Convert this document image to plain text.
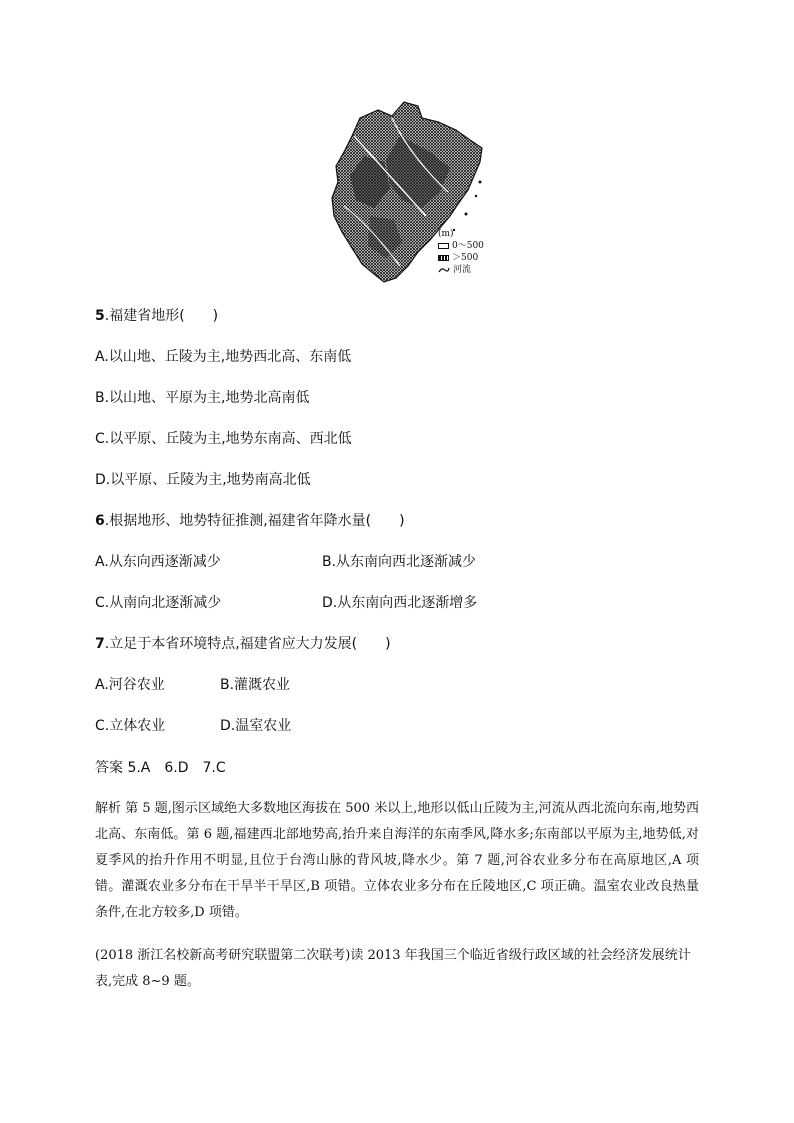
(m)
0～500
＞500
河流
5.福建省地形(　　)
A.以山地、丘陵为主,地势西北高、东南低
B.以山地、平原为主,地势北高南低
C.以平原、丘陵为主,地势东南高、西北低
D.以平原、丘陵为主,地势南高北低
6.根据地形、地势特征推测,福建省年降水量(　　)
A.从东向西逐渐减少	B.从东南向西北逐渐减少
C.从南向北逐渐减少	D.从东南向西北逐渐增多
7.立足于本省环境特点,福建省应大力发展(　　)
A.河谷农业	B.灌溉农业
C.立体农业	D.温室农业
答案 5.A　6.D　7.C
解析 第 5 题,图示区域绝大多数地区海拔在 500 米以上,地形以低山丘陵为主,河流从西北流向东南,地势西北高、东南低。第 6 题,福建西北部地势高,抬升来自海洋的东南季风,降水多;东南部以平原为主,地势低,对夏季风的抬升作用不明显,且位于台湾山脉的背风坡,降水少。第 7 题,河谷农业多分布在高原地区,A 项错。灌溉农业多分布在干旱半干旱区,B 项错。立体农业多分布在丘陵地区,C 项正确。温室农业改良热量条件,在北方较多,D 项错。
(2018 浙江名校新高考研究联盟第二次联考)读 2013 年我国三个临近省级行政区域的社会经济发展统计表,完成 8~9 题。
